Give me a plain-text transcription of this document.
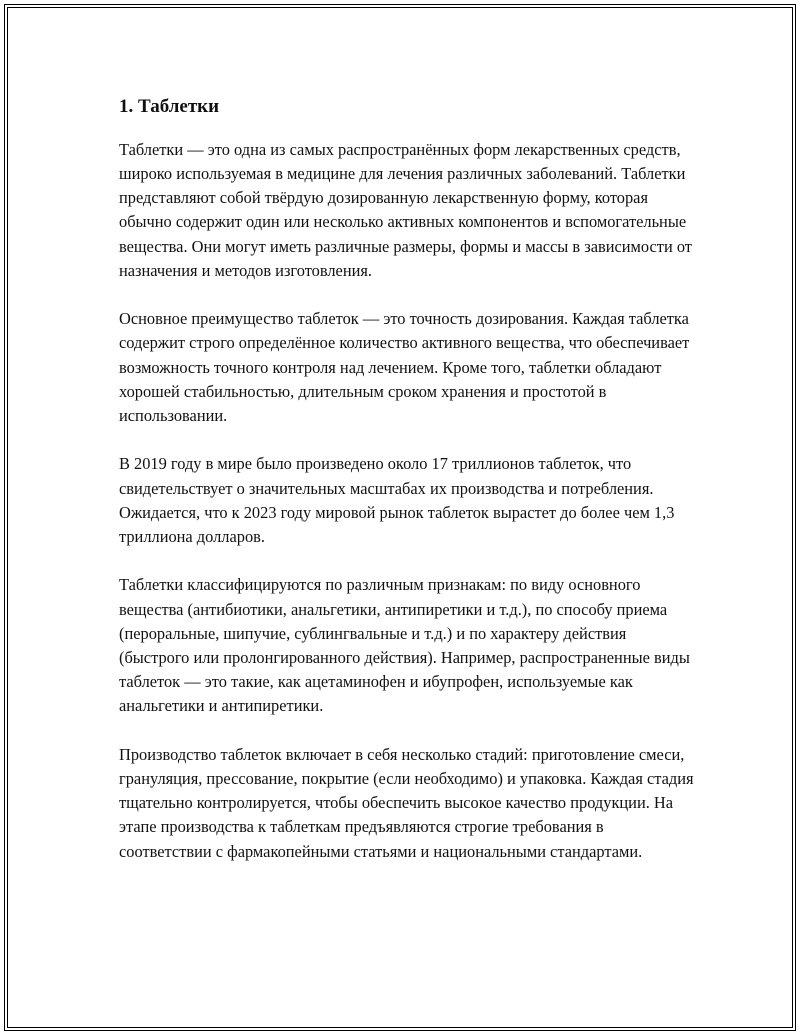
1. Таблетки

Таблетки — это одна из самых распространённых форм лекарственных средств, широко используемая в медицине для лечения различных заболеваний. Таблетки представляют собой твёрдую дозированную лекарственную форму, которая обычно содержит один или несколько активных компонентов и вспомогательные вещества. Они могут иметь различные размеры, формы и массы в зависимости от назначения и методов изготовления.

Основное преимущество таблеток — это точность дозирования. Каждая таблетка содержит строго определённое количество активного вещества, что обеспечивает возможность точного контроля над лечением. Кроме того, таблетки обладают хорошей стабильностью, длительным сроком хранения и простотой в использовании.

В 2019 году в мире было произведено около 17 триллионов таблеток, что свидетельствует о значительных масштабах их производства и потребления. Ожидается, что к 2023 году мировой рынок таблеток вырастет до более чем 1,3 триллиона долларов.

Таблетки классифицируются по различным признакам: по виду основного вещества (антибиотики, анальгетики, антипиретики и т.д.), по способу приема (пероральные, шипучие, сублингвальные и т.д.) и по характеру действия (быстрого или пролонгированного действия). Например, распространенные виды таблеток — это такие, как ацетаминофен и ибупрофен, используемые как анальгетики и антипиретики.

Производство таблеток включает в себя несколько стадий: приготовление смеси, грануляция, прессование, покрытие (если необходимо) и упаковка. Каждая стадия тщательно контролируется, чтобы обеспечить высокое качество продукции. На этапе производства к таблеткам предъявляются строгие требования в соответствии с фармакопейными статьями и национальными стандартами.
